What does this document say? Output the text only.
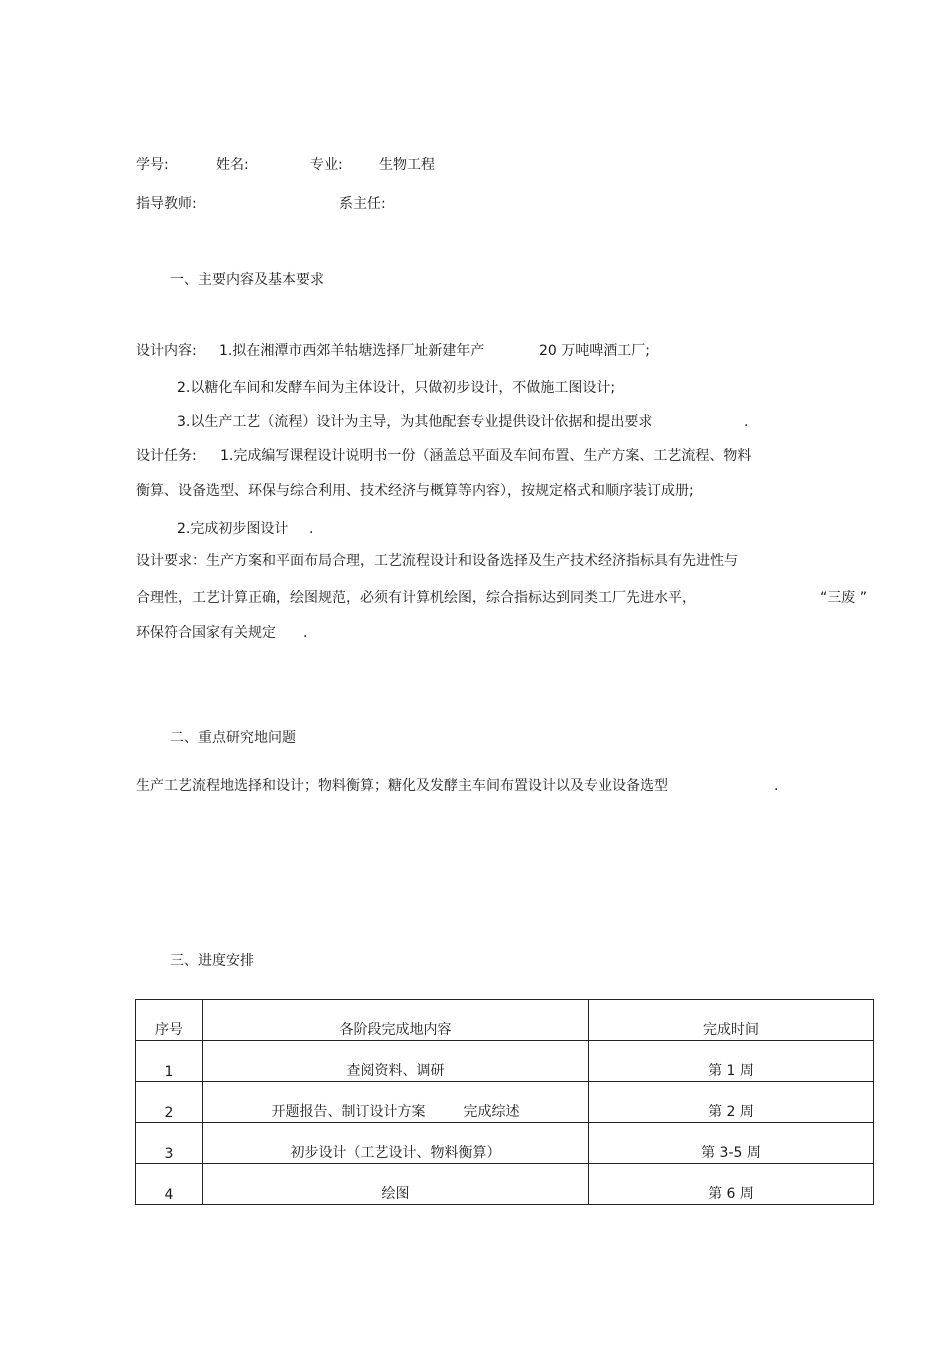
学号:	姓名:	专业:	生物工程
指导教师:	系主任:
一、主要内容及基本要求
设计内容: 1.拟在湘潭市西郊羊牯塘选择厂址新建年产	20 万吨啤酒工厂;
2.以糖化车间和发酵车间为主体设计，只做初步设计，不做施工图设计;
3.以生产工艺（流程）设计为主导，为其他配套专业提供设计依据和提出要求	.
设计任务: 1.完成编写课程设计说明书一份（涵盖总平面及车间布置、生产方案、工艺流程、物料
衡算、设备选型、环保与综合利用、技术经济与概算等内容），按规定格式和顺序装订成册;
2.完成初步图设计 .
设计要求：生产方案和平面布局合理，工艺流程设计和设备选择及生产技术经济指标具有先进性与
合理性，工艺计算正确，绘图规范，必须有计算机绘图，综合指标达到同类工厂先进水平，	“三废 ”
环保符合国家有关规定 .
二、重点研究地问题
生产工艺流程地选择和设计；物料衡算；糖化及发酵主车间布置设计以及专业设备选型	.
三、进度安排
序号	各阶段完成地内容	完成时间
1	查阅资料、调研	第 1 周
2	开题报告、制订设计方案 完成综述	第 2 周
3	初步设计（工艺设计、物料衡算）	第 3-5 周
4	绘图	第 6 周
